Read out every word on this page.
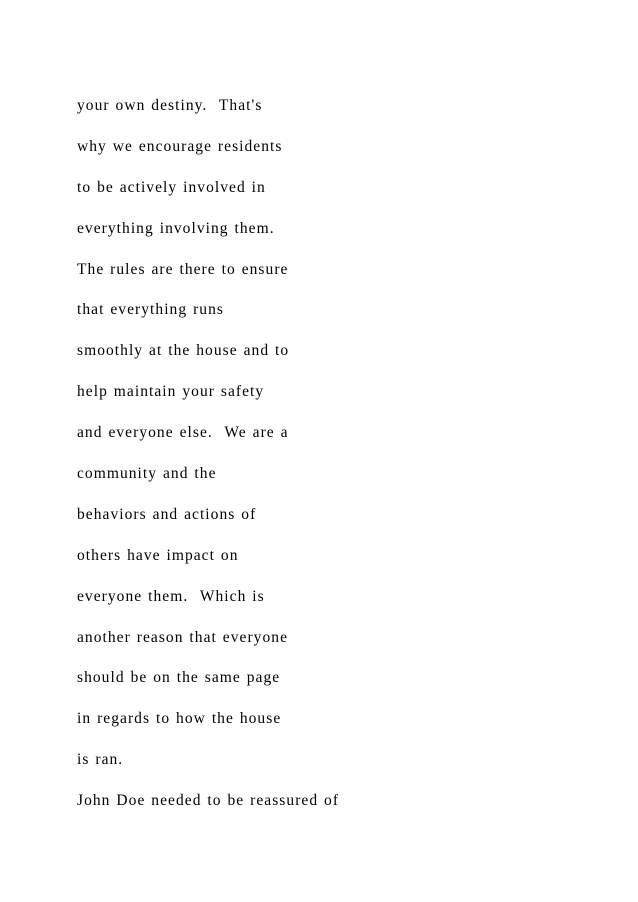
your own destiny.  That's
why we encourage residents
to be actively involved in
everything involving them.
The rules are there to ensure
that everything runs
smoothly at the house and to
help maintain your safety
and everyone else.  We are a
community and the
behaviors and actions of
others have impact on
everyone them.  Which is
another reason that everyone
should be on the same page
in regards to how the house
is ran.
John Doe needed to be reassured of
